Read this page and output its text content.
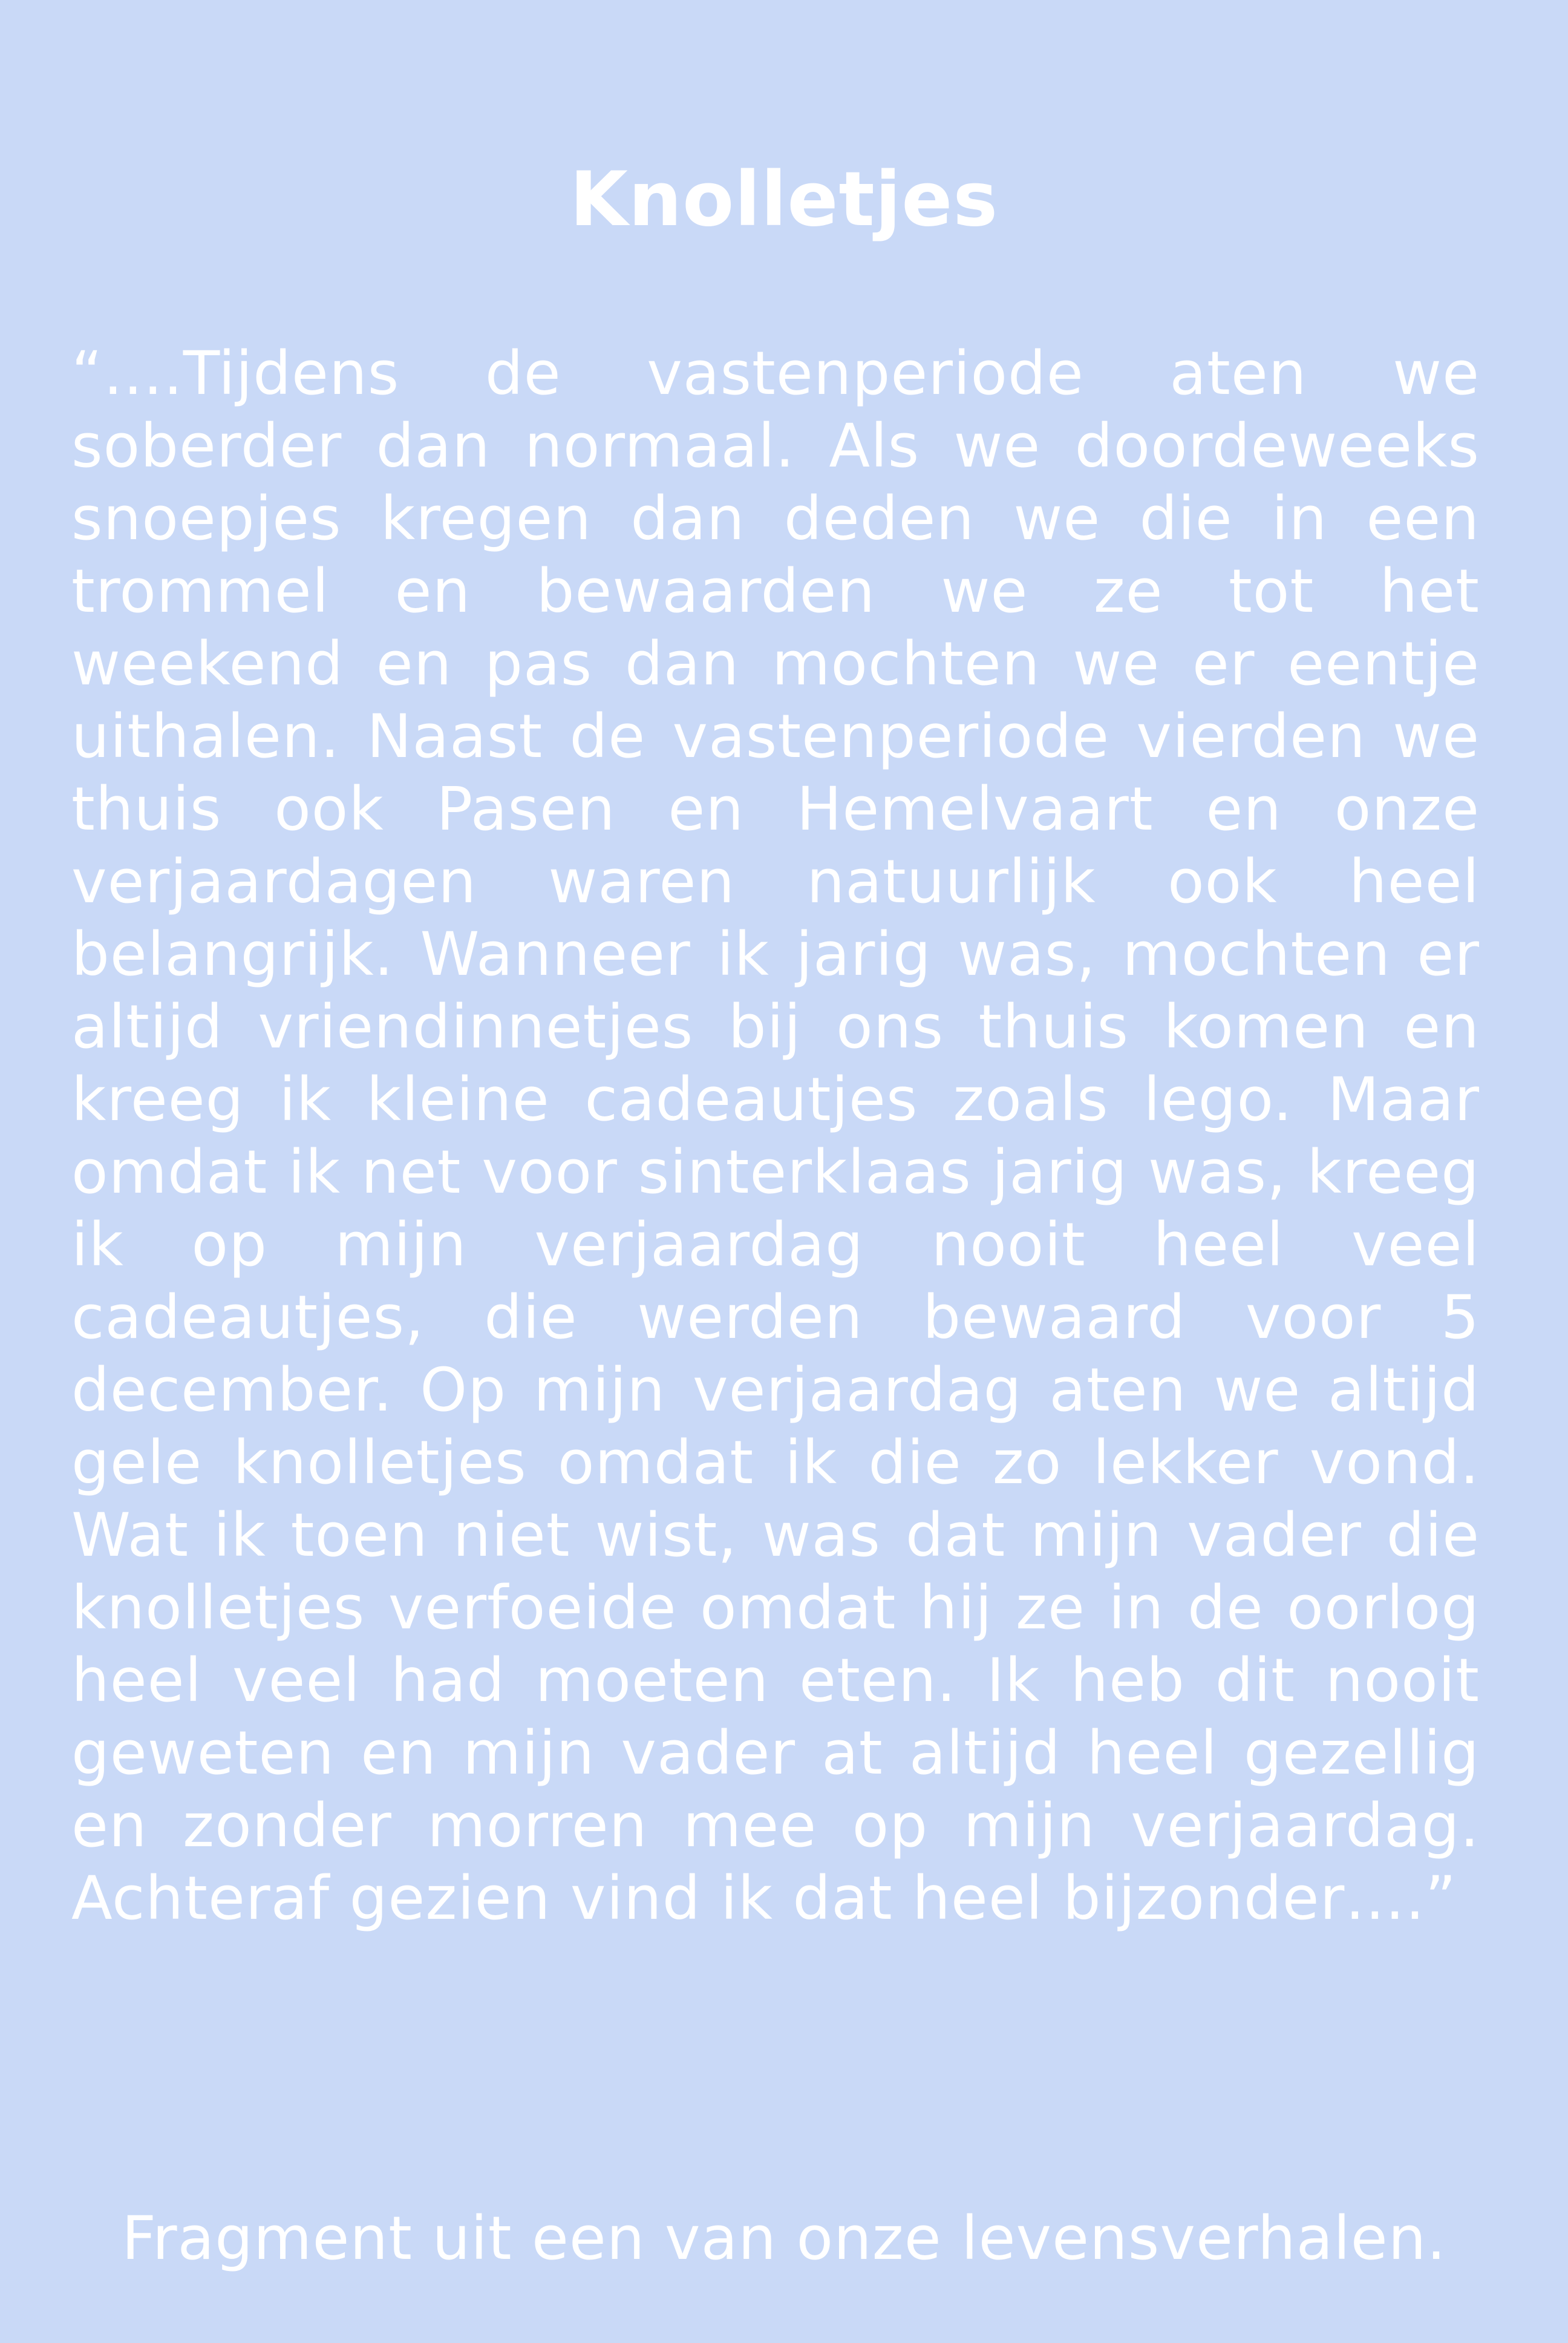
Knolletjes

“….Tijdens de vastenperiode aten we soberder dan normaal. Als we doordeweeks snoepjes kregen dan deden we die in een trommel en bewaarden we ze tot het weekend en pas dan mochten we er eentje uithalen. Naast de vastenperiode vierden we thuis ook Pasen en Hemelvaart en onze verjaardagen waren natuurlijk ook heel belangrijk. Wanneer ik jarig was, mochten er altijd vriendinnetjes bij ons thuis komen en kreeg ik kleine cadeautjes zoals lego. Maar omdat ik net voor sinterklaas jarig was, kreeg ik op mijn verjaardag nooit heel veel cadeautjes, die werden bewaard voor 5 december. Op mijn verjaardag aten we altijd gele knolletjes omdat ik die zo lekker vond. Wat ik toen niet wist, was dat mijn vader die knolletjes verfoeide omdat hij ze in de oorlog heel veel had moeten eten. Ik heb dit nooit geweten en mijn vader at altijd heel gezellig en zonder morren mee op mijn verjaardag. Achteraf gezien vind ik dat heel bijzonder….”

Fragment uit een van onze levensverhalen.
